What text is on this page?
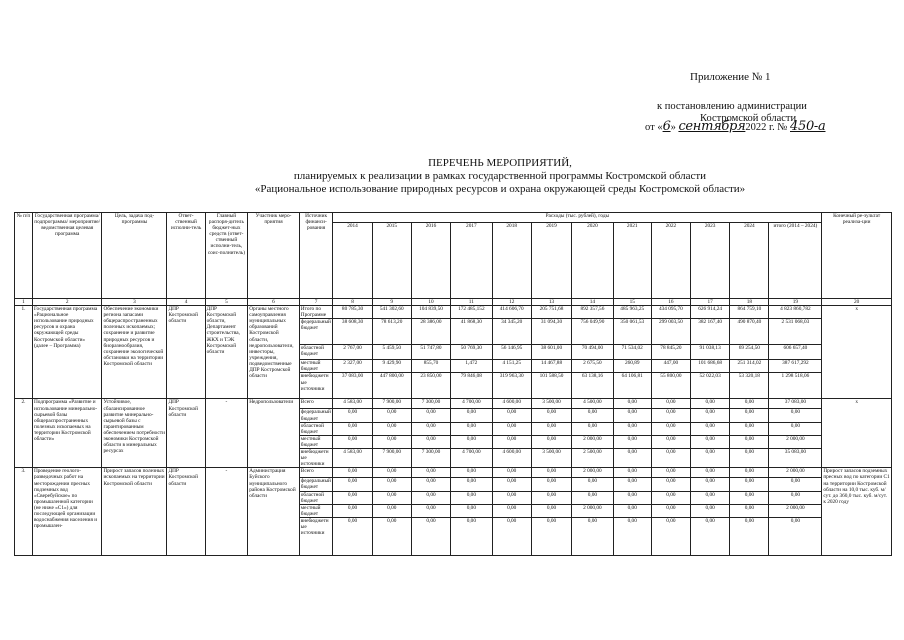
Приложение № 1
к постановлению администрации
Костромской области
от «6» сентября2022 г. № 450-а
ПЕРЕЧЕНЬ МЕРОПРИЯТИЙ,
планируемых к реализации в рамках государственной программы Костромской области
«Рациональное использование природных ресурсов и охрана окружающей среды Костромской области»
№ п/п	Государственная программа/ подпрограмма/ мероприятие/ ведомственная целевая программа	Цель, задача под-программы	Ответ-ственный исполни-тель	Главный распоря-дитель бюджет-ных средств (ответ-ственный исполни-тель, соис-полнитель)	Участник меро-приятия	Источник финанси-рования	Расходы (тыс. рублей), годы												Конечный ре-зультат реализа-ции
							2014	2015	2016	2017	2018	2019	2020	2021	2022	2023	2024	итого (2014 – 2024)	
1	2	3	4	5	6	7	8	9	10	11	12	13	14	15	16	17	18	19	20
1.	Государственная программа «Рациональное использование природных ресурсов и охрана окружающей среды Костромской области» (далее – Программа)	Обеспечение экономики региона запасами общераспространенных полезных ископаемых; сохранение и развитие природных ресурсов и биоразнообразия, сохранение экологической обстановки на территории Костромской области	ДПР Костромской области	ДПР Костромской области, Департамент строительства, ЖКХ и ТЭК Костромской области	Органы местного самоуправления муниципальных образований Костромской области, недропользователи, инвесторы, учреждения, подведомственные ДПР Костромской области	Итого по Программе	80 785,30	541 302,60	104 839,50	172 485,152	414 606,70	205 751,68	892 357,56	485 963,25	434 095,70	626 914,24	864 759,10	4 823 860,782	х
						федеральный бюджет	38 608,30	78 613,20	28 386,00	41 868,30	34 345,20	31 094,30	756 049,90	350 061,53	299 003,50	382 167,40	490 870,40	2 531 068,03	
						областной бюджет	2 767,00	5 459,50	51 747,80	50 769,30	56 146,95	38 601,00	70 494,00	71 534,02	78 845,20	91 038,13	69 254,50	606 657,40	
						местный бюджет	2 327,00	9 429,90	855,70	1,472	4 151,25	14 467,88	2 675,50	260,89	447,00	101 686,68	251 314,02	387 617,292	
						внебюджетные источники	37 083,00	447 800,00	23 850,00	79 846,08	319 963,30	101 588,50	63 138,16	64 106,81	55 800,00	52 022,03	53 320,18	1 298 518,06	
2.	Подпрограмма «Развитие и использование минерально-сырьевой базы общераспространенных полезных ископаемых на территории Костромской области»	Устойчивое, сбалансированное развитие минерально-сырьевой базы с гарантированным обеспечением потребности экономики Костромской области в минеральных ресурсах	ДПР Костромской области	-	Недропользователи	Всего	4 583,00	7 900,00	7 300,00	4 700,00	4 600,00	3 500,00	4 500,00	0,00	0,00	0,00	0,00	37 083,00	х
						федеральный бюджет	0,00	0,00	0,00	0,00	0,00	0,00	0,00	0,00	0,00	0,00	0,00	0,00	
						областной бюджет	0,00	0,00	0,00	0,00	0,00	0,00	0,00	0,00	0,00	0,00	0,00	0,00	
						местный бюджет	0,00	0,00	0,00	0,00	0,00	0,00	2 000,00	0,00	0,00	0,00	0,00	2 000,00	
						внебюджетные источники	4 583,00	7 900,00	7 300,00	4 700,00	4 600,00	3 500,00	2 500,00	0,00	0,00	0,00	0,00	35 083,00	
3.	Проведение геолого-разведочных работ на месторождении пресных подземных вод «Сверебуйское» по промышленной категории (не ниже «C1») для последующей организации водоснабжения населения и промышлен-	Прирост запасов полезных ископаемых на территории Костромской области	ДПР Костромской области	-	Администрация Буйского муниципального района Костромской области	Всего	0,00	0,00	0,00	0,00	0,00	0,00	2 000,00	0,00	0,00	0,00	0,00	2 000,00	Прирост запасов подземных пресных вод по категории C1 на территории Костромской области на 10,0 тыс. куб. м/сут. до 360,0 тыс. куб. м/сут. к 2020 году
						федеральный бюджет	0,00	0,00	0,00	0,00	0,00	0,00	0,00	0,00	0,00	0,00	0,00	0,00	
						областной бюджет	0,00	0,00	0,00	0,00	0,00	0,00	0,00	0,00	0,00	0,00	0,00	0,00	
						местный бюджет	0,00	0,00	0,00	0,00	0,00	0,00	2 000,00	0,00	0,00	0,00	0,00	2 000,00	
						внебюджетные источники	0,00	0,00	0,00	0,00	0,00	0,00	0,00	0,00	0,00	0,00	0,00	0,00	
